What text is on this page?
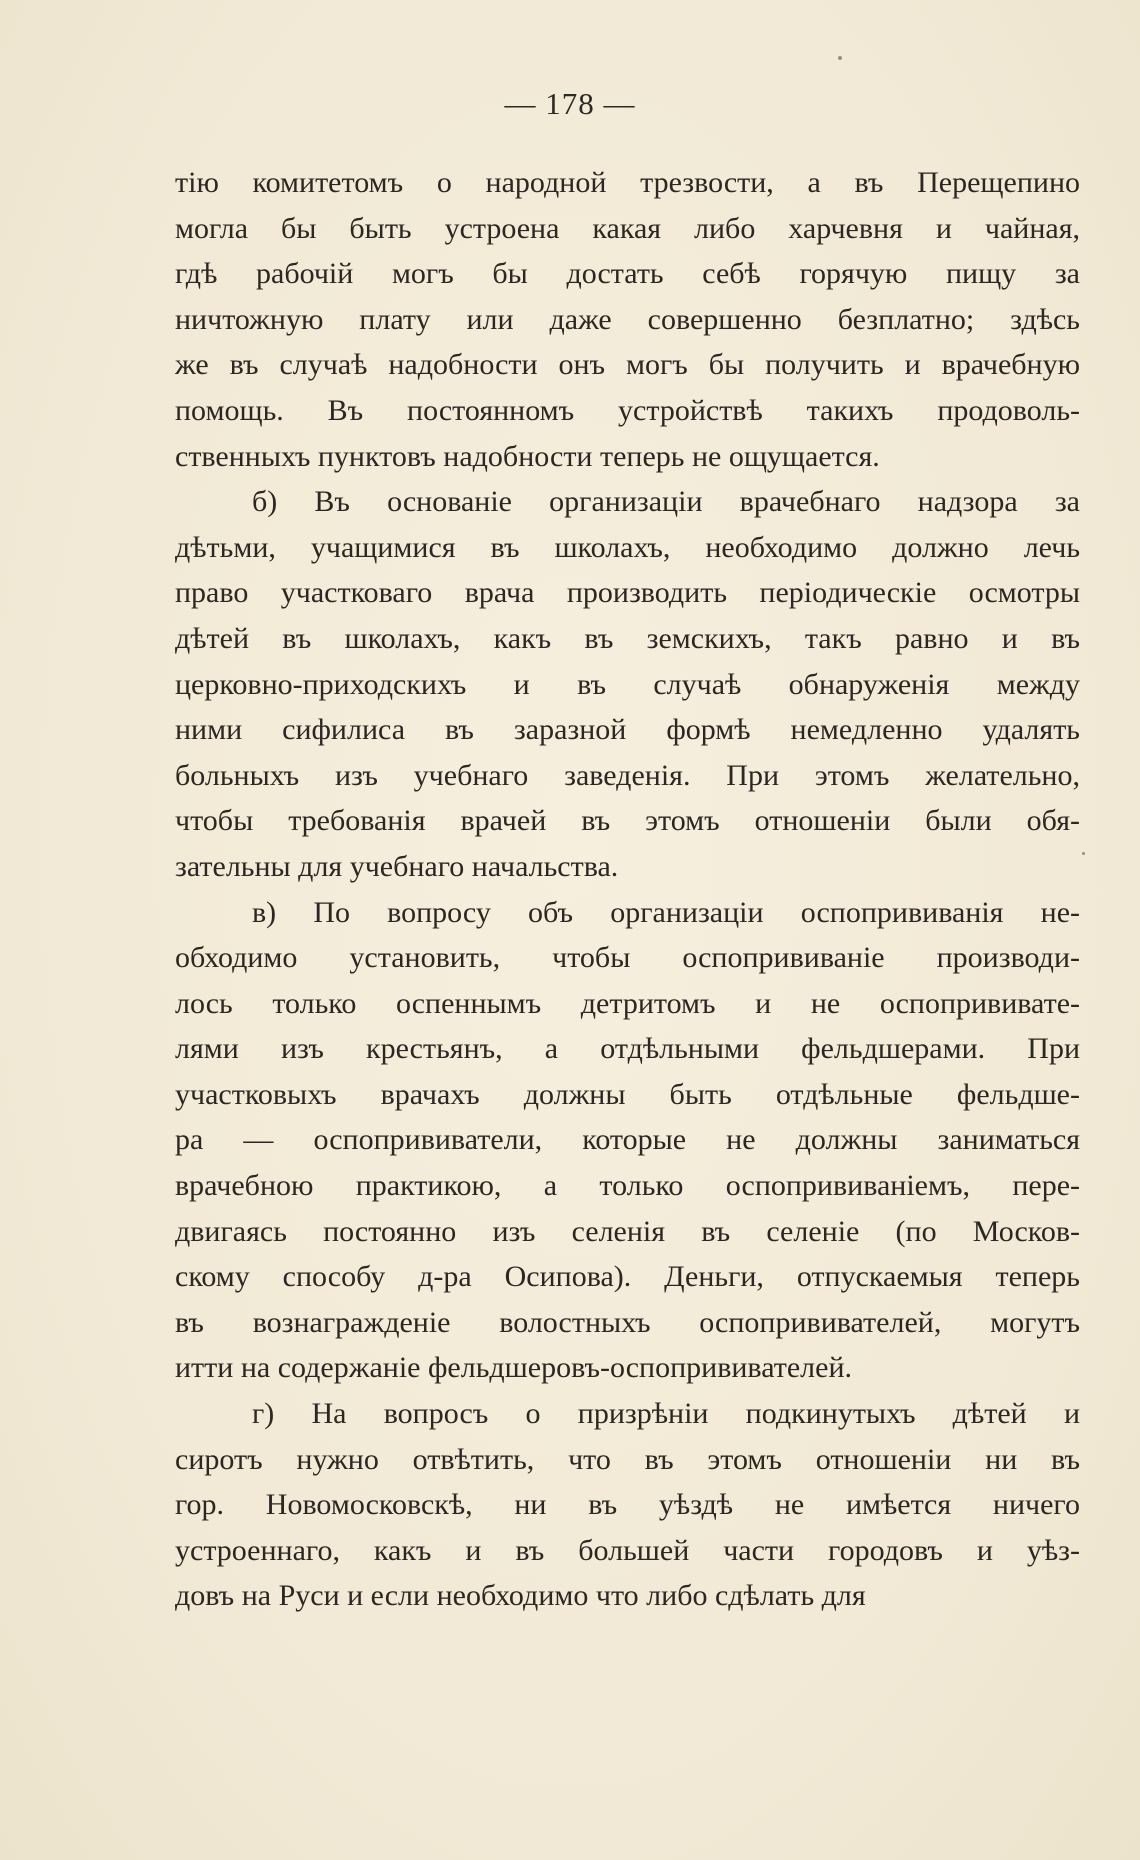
— 178 —
тію комитетомъ о народной трезвости, а въ Перещепино
могла бы быть устроена какая либо харчевня и чайная,
гдѣ рабочій могъ бы достать себѣ горячую пищу за
ничтожную плату или даже совершенно безплатно; здѣсь
же въ случаѣ надобности онъ могъ бы получить и врачебную
помощь. Въ постоянномъ устройствѣ такихъ продоволь-
ственныхъ пунктовъ надобности теперь не ощущается.
б) Въ основаніе организаціи врачебнаго надзора за
дѣтьми, учащимися въ школахъ, необходимо должно лечь
право участковаго врача производить періодическіе осмотры
дѣтей въ школахъ, какъ въ земскихъ, такъ равно и въ
церковно-приходскихъ и въ случаѣ обнаруженія между
ними сифилиса въ заразной формѣ немедленно удалять
больныхъ изъ учебнаго заведенія. При этомъ желательно,
чтобы требованія врачей въ этомъ отношеніи были обя-
зательны для учебнаго начальства.
в) По вопросу объ организаціи оспопрививанія не-
обходимо установить, чтобы оспопрививаніе производи-
лось только оспеннымъ детритомъ и не оспопрививате-
лями изъ крестьянъ, а отдѣльными фельдшерами. При
участковыхъ врачахъ должны быть отдѣльные фельдше-
ра — оспопрививатели, которые не должны заниматься
врачебною практикою, а только оспопрививаніемъ, пере-
двигаясь постоянно изъ селенія въ селеніе (по Москов-
скому способу д-ра Осипова). Деньги, отпускаемыя теперь
въ вознагражденіе волостныхъ оспопрививателей, могутъ
итти на содержаніе фельдшеровъ-оспопрививателей.
г) На вопросъ о призрѣніи подкинутыхъ дѣтей и
сиротъ нужно отвѣтить, что въ этомъ отношеніи ни въ
гор. Новомосковскѣ, ни въ уѣздѣ не имѣется ничего
устроеннаго, какъ и въ большей части городовъ и уѣз-
довъ на Руси и если необходимо что либо сдѣлать для
